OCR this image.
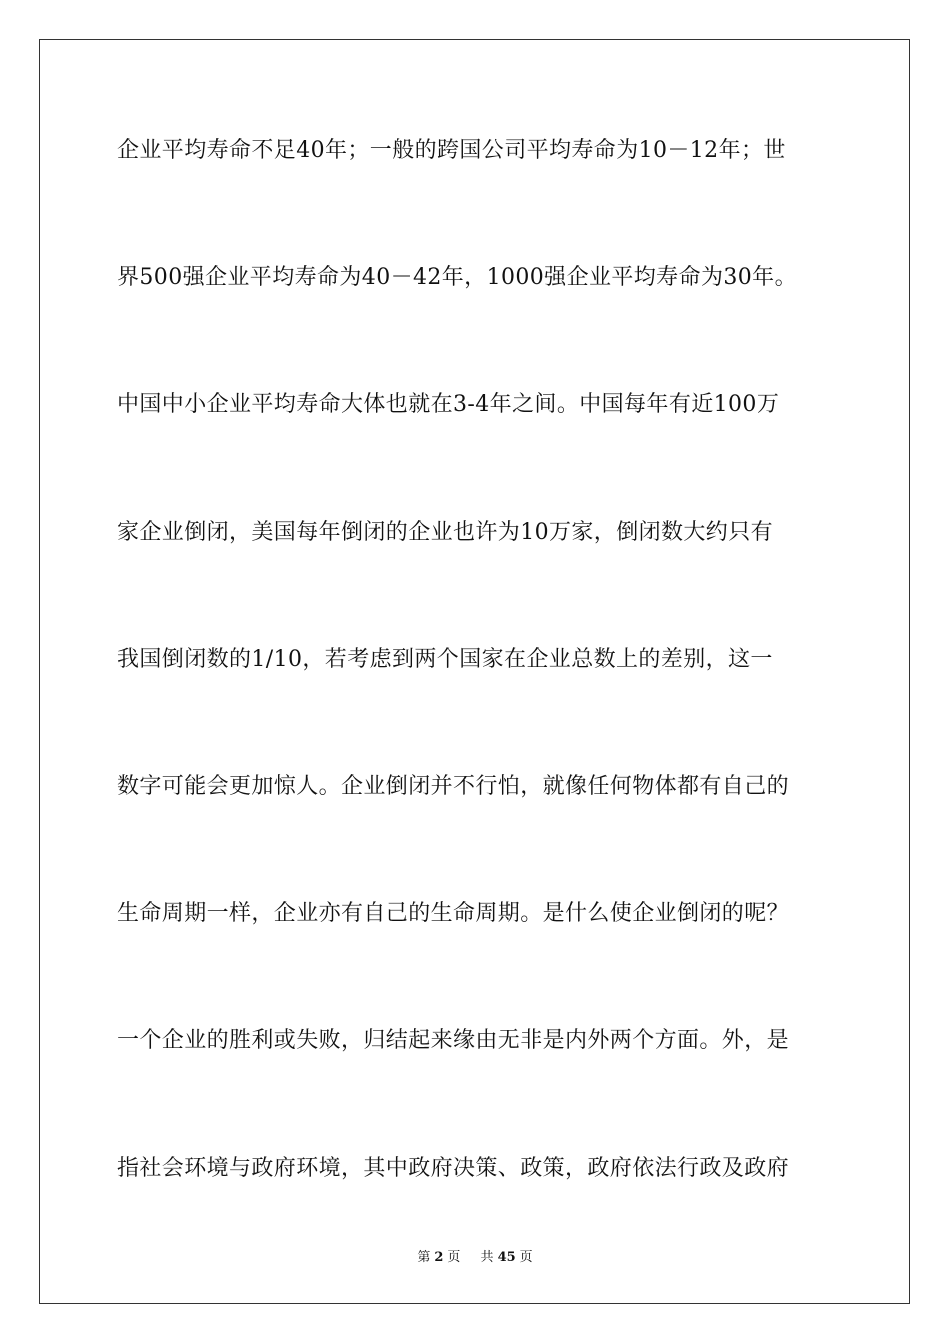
企业平均寿命不足40年；一般的跨国公司平均寿命为10－12年；世
界500强企业平均寿命为40－42年，1000强企业平均寿命为30年。
中国中小企业平均寿命大体也就在3-4年之间。中国每年有近100万
家企业倒闭，美国每年倒闭的企业也许为10万家，倒闭数大约只有
我国倒闭数的1/10，若考虑到两个国家在企业总数上的差别，这一
数字可能会更加惊人。企业倒闭并不行怕，就像任何物体都有自己的
生命周期一样，企业亦有自己的生命周期。是什么使企业倒闭的呢？
一个企业的胜利或失败，归结起来缘由无非是内外两个方面。外，是
指社会环境与政府环境，其中政府决策、政策，政府依法行政及政府
第 2 页 共 45 页
